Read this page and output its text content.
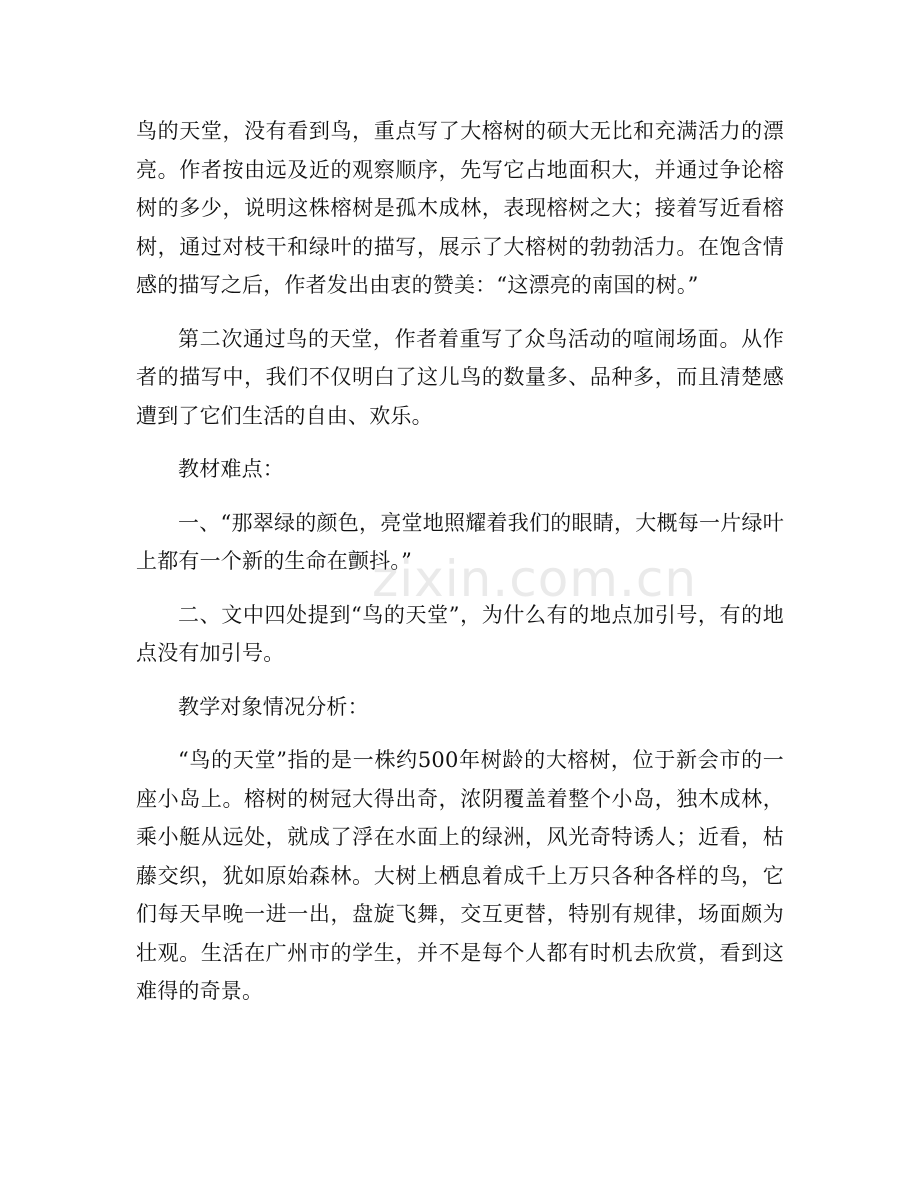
鸟的天堂，没有看到鸟，重点写了大榕树的硕大无比和充满活力的漂亮。作者按由远及近的观察顺序，先写它占地面积大，并通过争论榕树的多少，说明这株榕树是孤木成林，表现榕树之大；接着写近看榕树，通过对枝干和绿叶的描写，展示了大榕树的勃勃活力。在饱含情感的描写之后，作者发出由衷的赞美：“这漂亮的南国的树。”

第二次通过鸟的天堂，作者着重写了众鸟活动的喧闹场面。从作者的描写中，我们不仅明白了这儿鸟的数量多、品种多，而且清楚感遭到了它们生活的自由、欢乐。

教材难点：

一、“那翠绿的颜色，亮堂地照耀着我们的眼睛，大概每一片绿叶上都有一个新的生命在颤抖。”

二、文中四处提到“鸟的天堂”，为什么有的地点加引号，有的地点没有加引号。

教学对象情况分析：

“鸟的天堂”指的是一株约500年树龄的大榕树，位于新会市的一座小岛上。榕树的树冠大得出奇，浓阴覆盖着整个小岛，独木成林，乘小艇从远处，就成了浮在水面上的绿洲，风光奇特诱人；近看，枯藤交织，犹如原始森林。大树上栖息着成千上万只各种各样的鸟，它们每天早晚一进一出，盘旋飞舞，交互更替，特别有规律，场面颇为壮观。生活在广州市的学生，并不是每个人都有时机去欣赏，看到这难得的奇景。

zixin.com.cn
